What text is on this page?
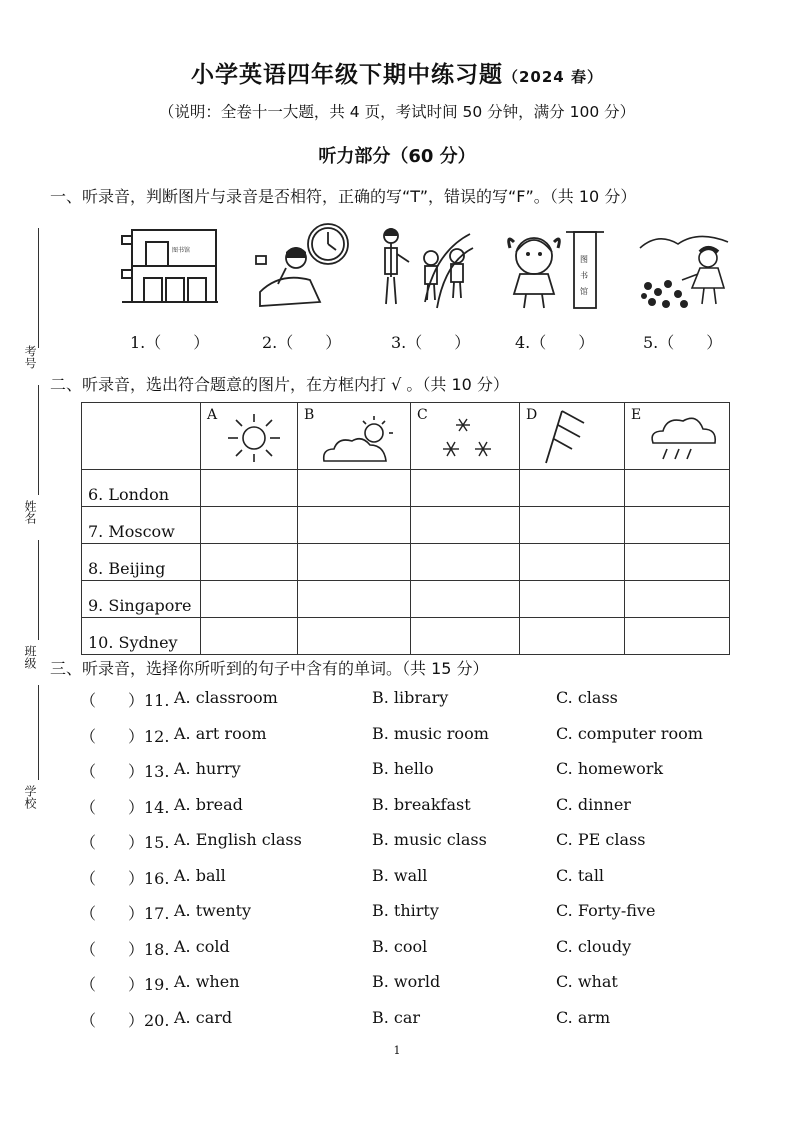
小学英语四年级下期中练习题（2024 春）
（说明：全卷十一大题，共 4 页，考试时间 50 分钟，满分 100 分）
听力部分（60 分）
考号
姓名
班级
学校
一、听录音，判断图片与录音是否相符，正确的写“T”，错误的写“F”。（共 10 分）
图书馆
图
书
馆
1.（　　）	2.（　　）	3.（　　）	4.（　　）	5.（　　）
二、听录音，选出符合题意的图片，在方框内打 √ 。（共 10 分）

	A	B	C	D	E

6. London					
7. Moscow					
8. Beijing					
9. Singapore					
10. Sydney					
三、听录音，选择你所听到的句子中含有的单词。（共 15 分）
（　　）11. A. classroom	B. library	C. class
（　　）12. A. art room	B. music room	C. computer room
（　　）13. A. hurry	B. hello	C. homework
（　　）14. A. bread	B. breakfast	C. dinner
（　　）15. A. English class	B. music class	C. PE class
（　　）16. A. ball	B. wall	C. tall
（　　）17. A. twenty	B. thirty	C. Forty-five
（　　）18. A. cold	B. cool	C. cloudy
（　　）19. A. when	B. world	C. what
（　　）20. A. card	B. car	C. arm
1
